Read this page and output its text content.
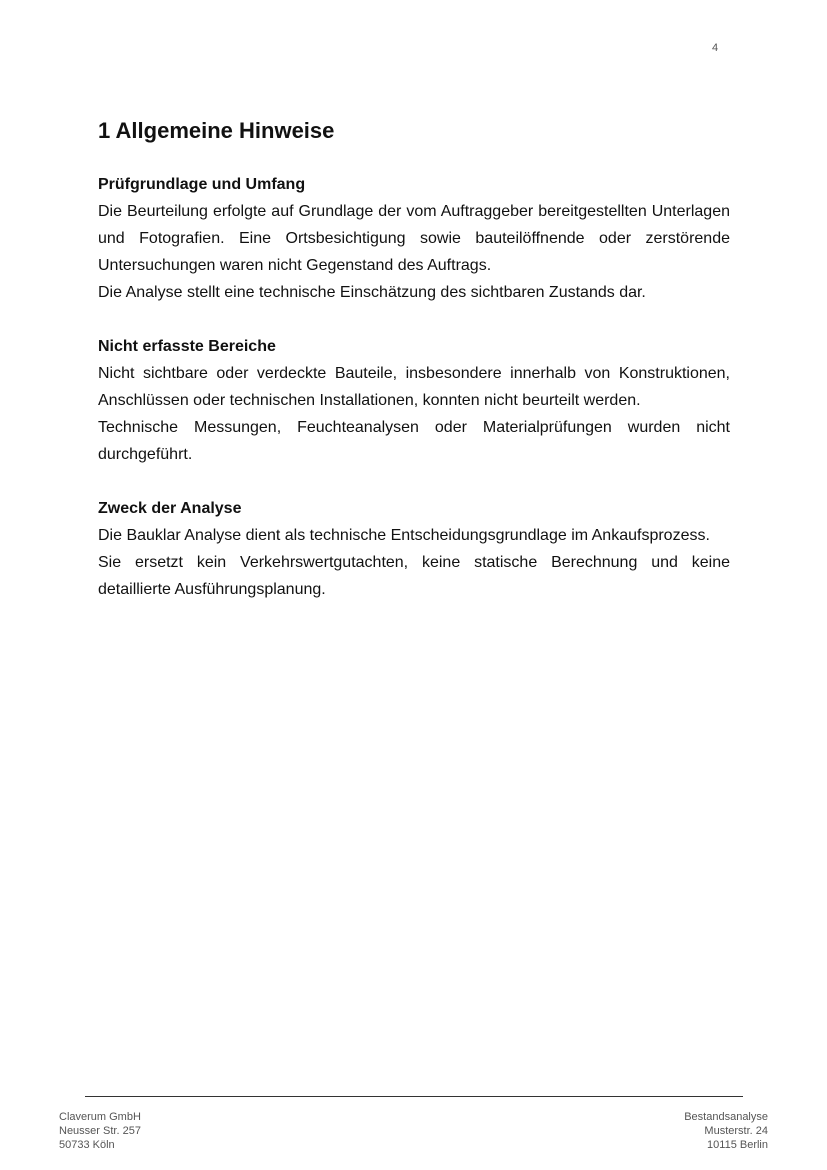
4
1 Allgemeine Hinweise
Prüfgrundlage und Umfang

Die Beurteilung erfolgte auf Grundlage der vom Auftraggeber bereitgestellten Unterlagen und Fotografien. Eine Ortsbesichtigung sowie bauteilöffnende oder zerstörende Untersuchungen waren nicht Gegenstand des Auftrags.

Die Analyse stellt eine technische Einschätzung des sichtbaren Zustands dar.

Nicht erfasste Bereiche

Nicht sichtbare oder verdeckte Bauteile, insbesondere innerhalb von Konstruktionen, Anschlüssen oder technischen Installationen, konnten nicht beurteilt werden.

Technische Messungen, Feuchteanalysen oder Materialprüfungen wurden nicht durchgeführt.

Zweck der Analyse

Die Bauklar Analyse dient als technische Entscheidungsgrundlage im Ankaufsprozess.

Sie ersetzt kein Verkehrswertgutachten, keine statische Berechnung und keine detaillierte Ausführungsplanung.

Claverum GmbH
Neusser Str. 257
50733 Köln
Bestandsanalyse
Musterstr. 24
10115 Berlin
